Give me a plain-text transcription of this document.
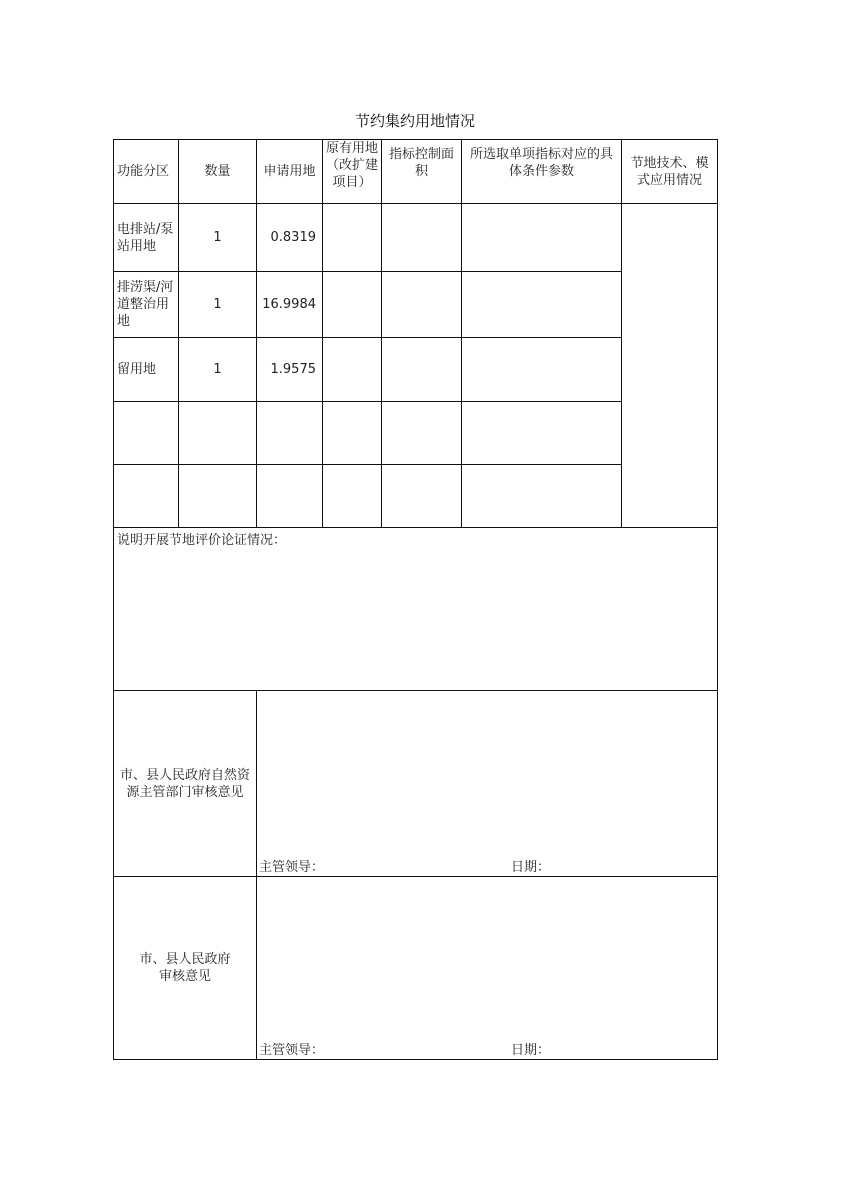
节约集约用地情况
功能分区	数量	申请用地	原有用地（改扩建项目）	指标控制面积	所选取单项指标对应的具体条件参数	节地技术、模式应用情况
电排站/泵站用地	1	0.8319				
排涝渠/河道整治用地	1	16.9984				
留用地	1	1.9575				

说明开展节地评价论证情况：						
市、县人民政府自然资源主管部门审核意见		主管领导： 日期：				

市、县人民政府审核意见		主管领导： 日期：				
